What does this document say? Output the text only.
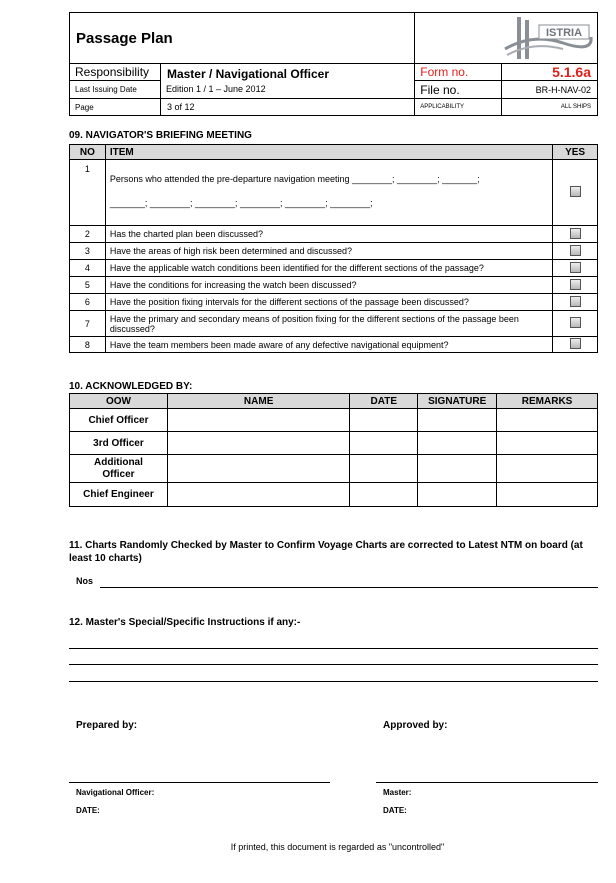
Passage Plan		ISTRIA	

Responsibility	Master / Navigational Officer	Form no.	5.1.6a
Last Issuing Date		File no.	BR-H-NAV-02
Page	3 of 12	APPLICABILITY	ALL SHIPS
Edition 1 / 1 – June 2012
09. NAVIGATOR'S BRIEFING MEETING
NO	ITEM	YES
1	Persons who attended the pre-departure navigation meeting ________; ________; _______;
_______; ________; ________; ________; ________; ________;	

2	Has the charted plan been discussed?	
3	Have the areas of high risk been determined and discussed?	
4	Have the applicable watch conditions been identified for the different sections of the passage?	
5	Have the conditions for increasing the watch been discussed?	
6	Have the position fixing intervals for the different sections of the passage been discussed?	
7	Have the primary and secondary means of position fixing for the different sections of the passage been discussed?	
8	Have the team members been made aware of any defective navigational equipment?	
10. ACKNOWLEDGED BY:
OOW	NAME	DATE	SIGNATURE	REMARKS
Chief Officer				
3rd Officer				
Additional Officer				
Chief Engineer				
11. Charts Randomly Checked by Master to Confirm Voyage Charts are corrected to Latest NTM on board (at least 10 charts)
Nos
12. Master's Special/Specific Instructions if any:-
Prepared by:	Approved by:
Navigational Officer:
DATE:
Master:
DATE:
If printed, this document is regarded as "uncontrolled"
